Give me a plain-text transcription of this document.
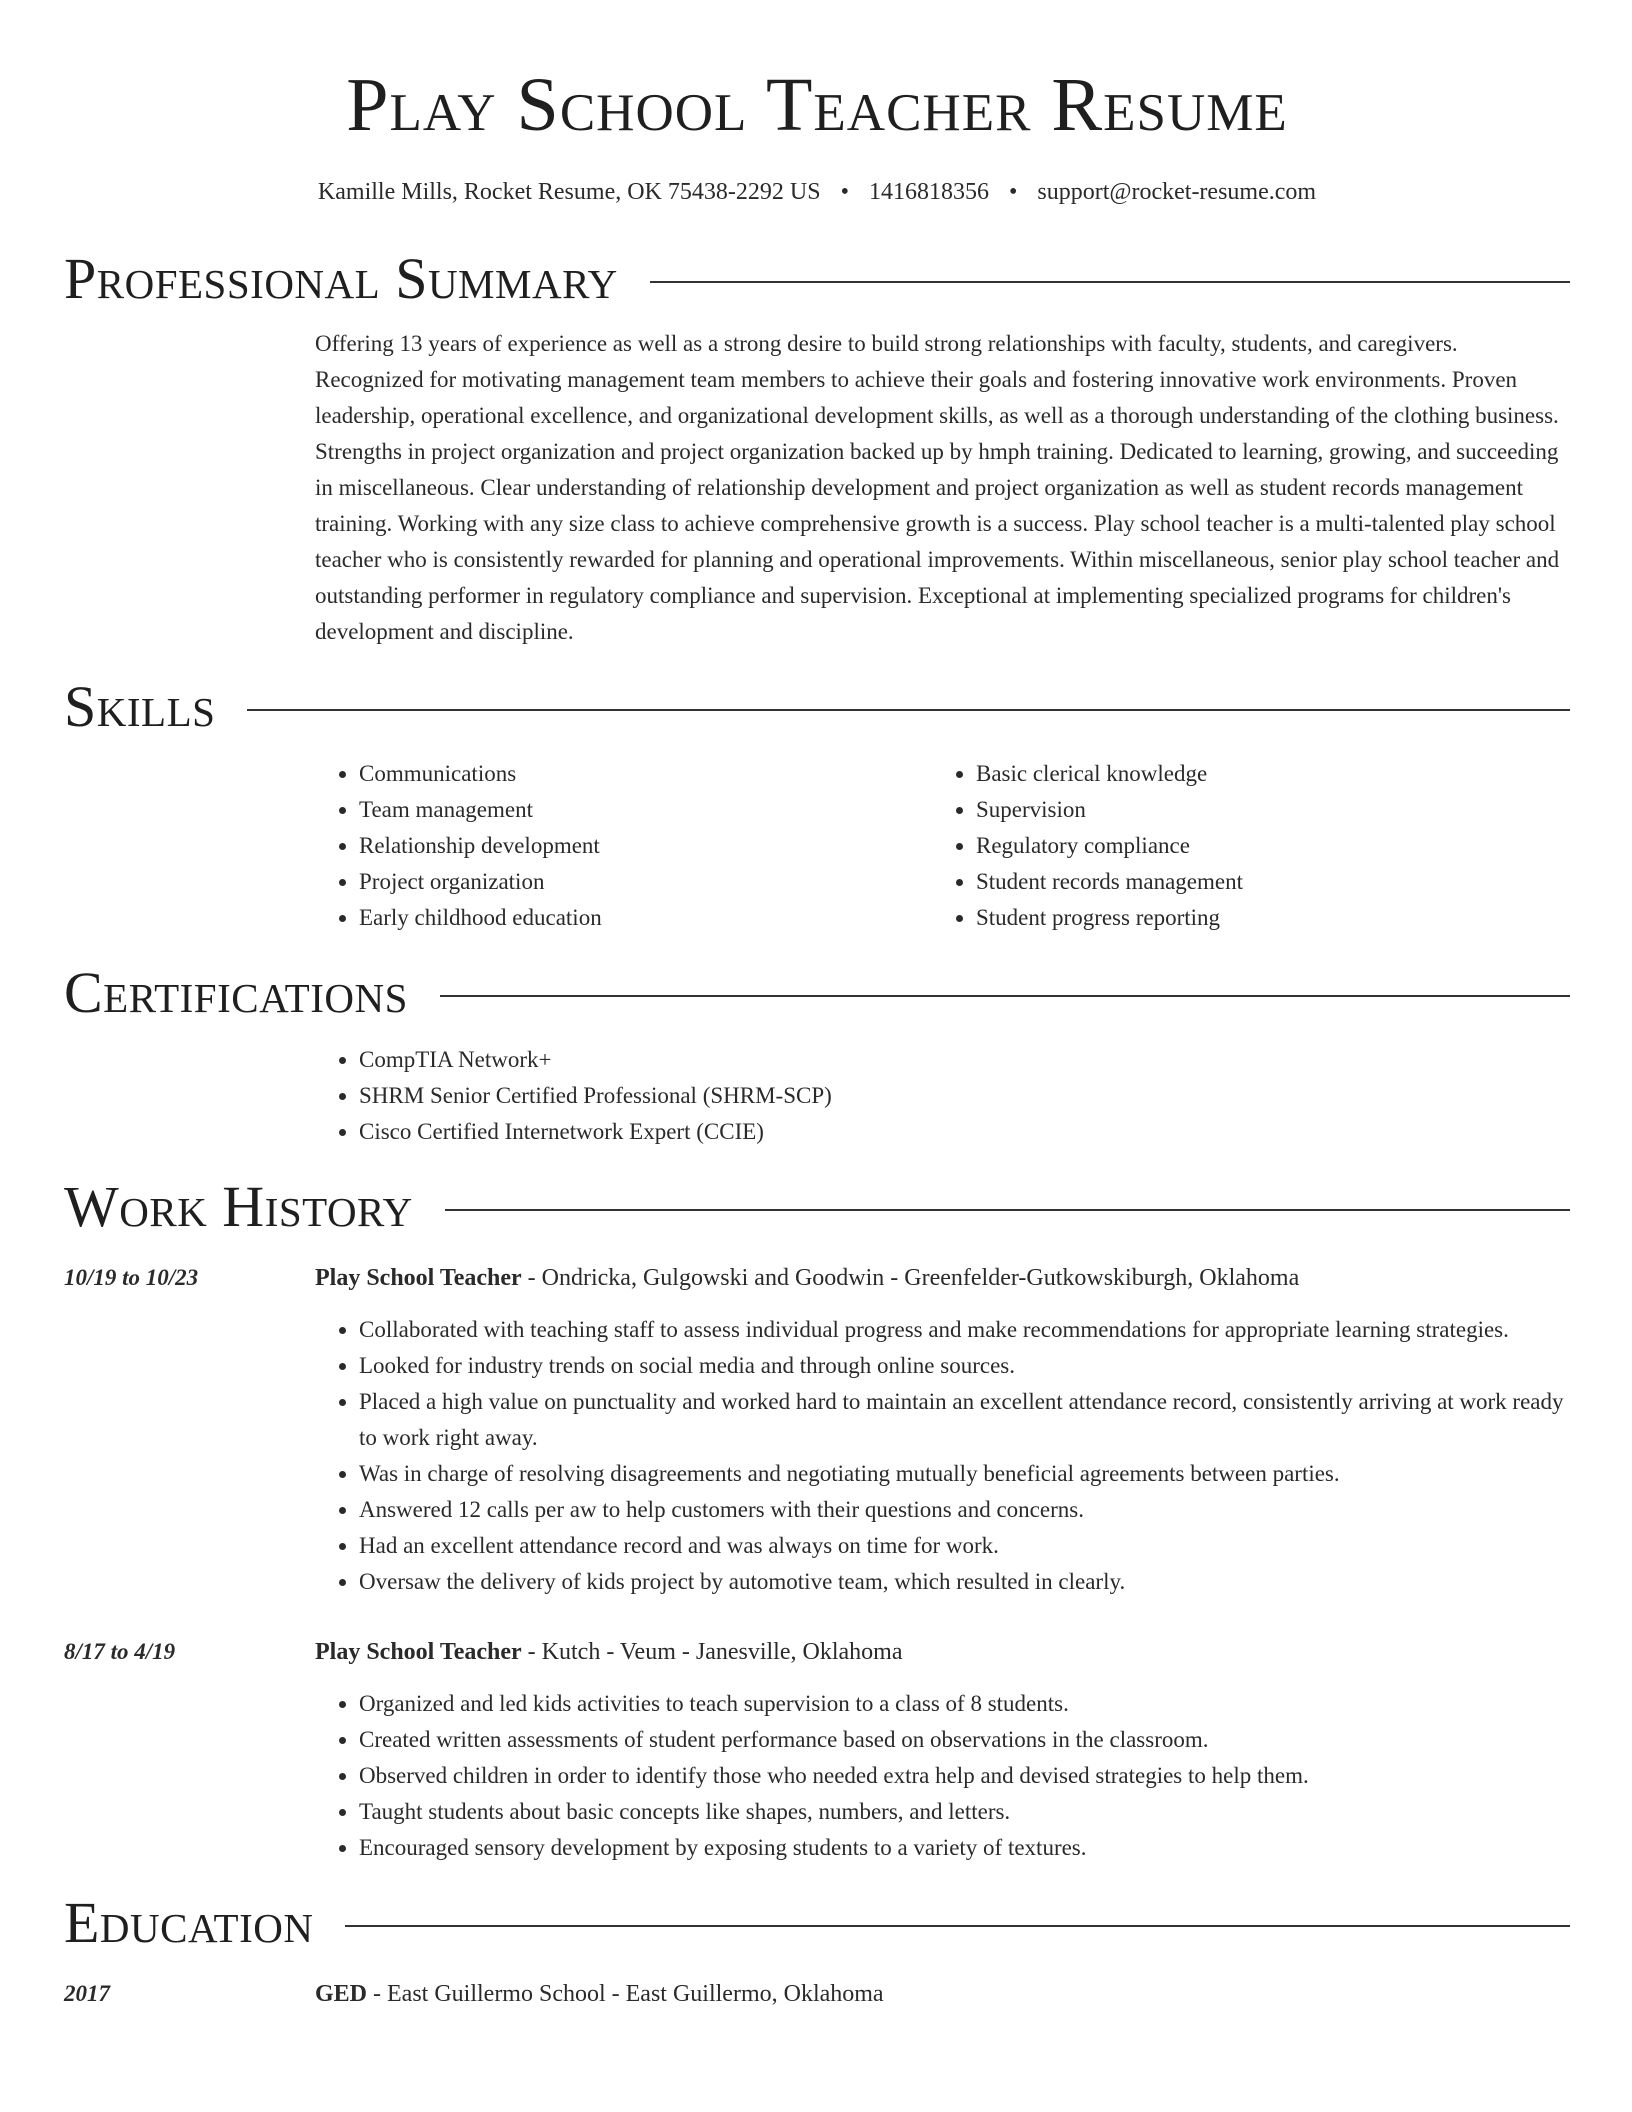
Play School Teacher Resume
Kamille Mills, Rocket Resume, OK 75438-2292 US • 1416818356 • support@rocket-resume.com
Professional Summary
Offering 13 years of experience as well as a strong desire to build strong relationships with faculty, students, and caregivers. Recognized for motivating management team members to achieve their goals and fostering innovative work environments. Proven leadership, operational excellence, and organizational development skills, as well as a thorough understanding of the clothing business. Strengths in project organization and project organization backed up by hmph training. Dedicated to learning, growing, and succeeding in miscellaneous. Clear understanding of relationship development and project organization as well as student records management training. Working with any size class to achieve comprehensive growth is a success. Play school teacher is a multi-talented play school teacher who is consistently rewarded for planning and operational improvements. Within miscellaneous, senior play school teacher and outstanding performer in regulatory compliance and supervision. Exceptional at implementing specialized programs for children's development and discipline.
Skills
• Communications
• Team management
• Relationship development
• Project organization
• Early childhood education
• Basic clerical knowledge
• Supervision
• Regulatory compliance
• Student records management
• Student progress reporting
Certifications
• CompTIA Network+
• SHRM Senior Certified Professional (SHRM-SCP)
• Cisco Certified Internetwork Expert (CCIE)
Work History
10/19 to 10/23	Play School Teacher - Ondricka, Gulgowski and Goodwin - Greenfelder-Gutkowskiburgh, Oklahoma
• Collaborated with teaching staff to assess individual progress and make recommendations for appropriate learning strategies.
• Looked for industry trends on social media and through online sources.
• Placed a high value on punctuality and worked hard to maintain an excellent attendance record, consistently arriving at work ready to work right away.
• Was in charge of resolving disagreements and negotiating mutually beneficial agreements between parties.
• Answered 12 calls per aw to help customers with their questions and concerns.
• Had an excellent attendance record and was always on time for work.
• Oversaw the delivery of kids project by automotive team, which resulted in clearly.
8/17 to 4/19	Play School Teacher - Kutch - Veum - Janesville, Oklahoma
• Organized and led kids activities to teach supervision to a class of 8 students.
• Created written assessments of student performance based on observations in the classroom.
• Observed children in order to identify those who needed extra help and devised strategies to help them.
• Taught students about basic concepts like shapes, numbers, and letters.
• Encouraged sensory development by exposing students to a variety of textures.
Education
2017	GED - East Guillermo School - East Guillermo, Oklahoma
